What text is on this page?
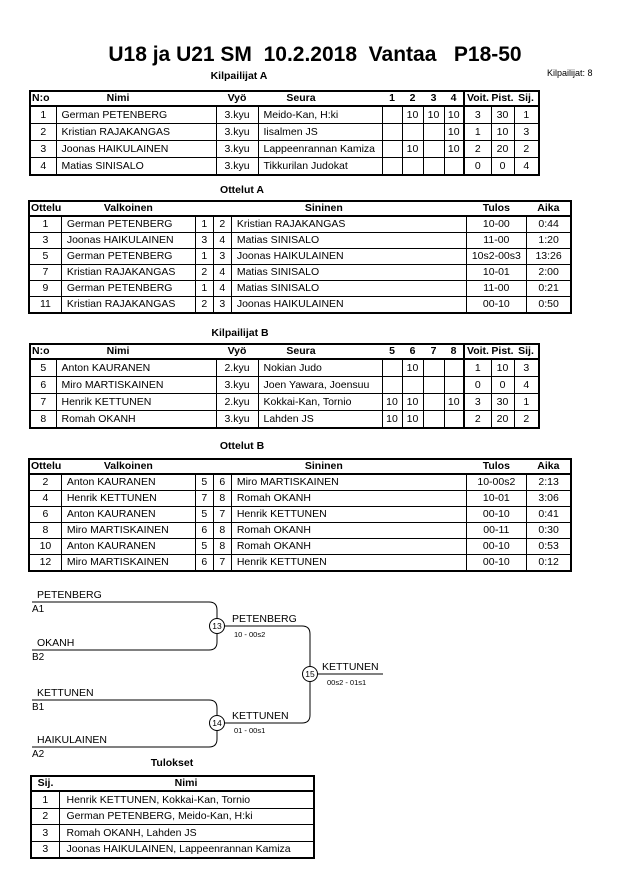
U18 ja U21 SM  10.2.2018  Vantaa   P18-50
Kilpailijat A	Kilpailijat: 8
N:o	Nimi	Vyö	Seura	1	2	3	4	Voit.	Pist.	Sij.
1	German PETENBERG	3.kyu	Meido-Kan, H:ki		10	10	10	3	30	1
2	Kristian RAJAKANGAS	3.kyu	Iisalmen JS				10	1	10	3
3	Joonas HAIKULAINEN	3.kyu	Lappeenrannan Kamiza		10		10	2	20	2
4	Matias SINISALO	3.kyu	Tikkurilan Judokat					0	0	4
Ottelut A
Ottelu	Valkoinen			Sininen	Tulos	Aika
1	German PETENBERG	1	2	Kristian RAJAKANGAS	10-00	0:44
3	Joonas HAIKULAINEN	3	4	Matias SINISALO	11-00	1:20
5	German PETENBERG	1	3	Joonas HAIKULAINEN	10s2-00s3	13:26
7	Kristian RAJAKANGAS	2	4	Matias SINISALO	10-01	2:00
9	German PETENBERG	1	4	Matias SINISALO	11-00	0:21
11	Kristian RAJAKANGAS	2	3	Joonas HAIKULAINEN	00-10	0:50
Kilpailijat B
N:o	Nimi	Vyö	Seura	5	6	7	8	Voit.	Pist.	Sij.
5	Anton KAURANEN	2.kyu	Nokian Judo		10			1	10	3
6	Miro MARTISKAINEN	3.kyu	Joen Yawara, Joensuu					0	0	4
7	Henrik KETTUNEN	2.kyu	Kokkai-Kan, Tornio	10	10		10	3	30	1
8	Romah OKANH	3.kyu	Lahden JS	10	10			2	20	2
Ottelut B
Ottelu	Valkoinen			Sininen	Tulos	Aika
2	Anton KAURANEN	5	6	Miro MARTISKAINEN	10-00s2	2:13
4	Henrik KETTUNEN	7	8	Romah OKANH	10-01	3:06
6	Anton KAURANEN	5	7	Henrik KETTUNEN	00-10	0:41
8	Miro MARTISKAINEN	6	8	Romah OKANH	00-11	0:30
10	Anton KAURANEN	5	8	Romah OKANH	00-10	0:53
12	Miro MARTISKAINEN	6	7	Henrik KETTUNEN	00-10	0:12
PETENBERG
A1
OKANH
B2
KETTUNEN
B1
HAIKULAINEN
A2
13
PETENBERG
10 - 00s2
14
KETTUNEN
01 - 00s1
15
KETTUNEN
00s2 - 01s1
Tulokset
Sij.	Nimi
1	Henrik KETTUNEN, Kokkai-Kan, Tornio
2	German PETENBERG, Meido-Kan, H:ki
3	Romah OKANH, Lahden JS
3	Joonas HAIKULAINEN, Lappeenrannan Kamiza
